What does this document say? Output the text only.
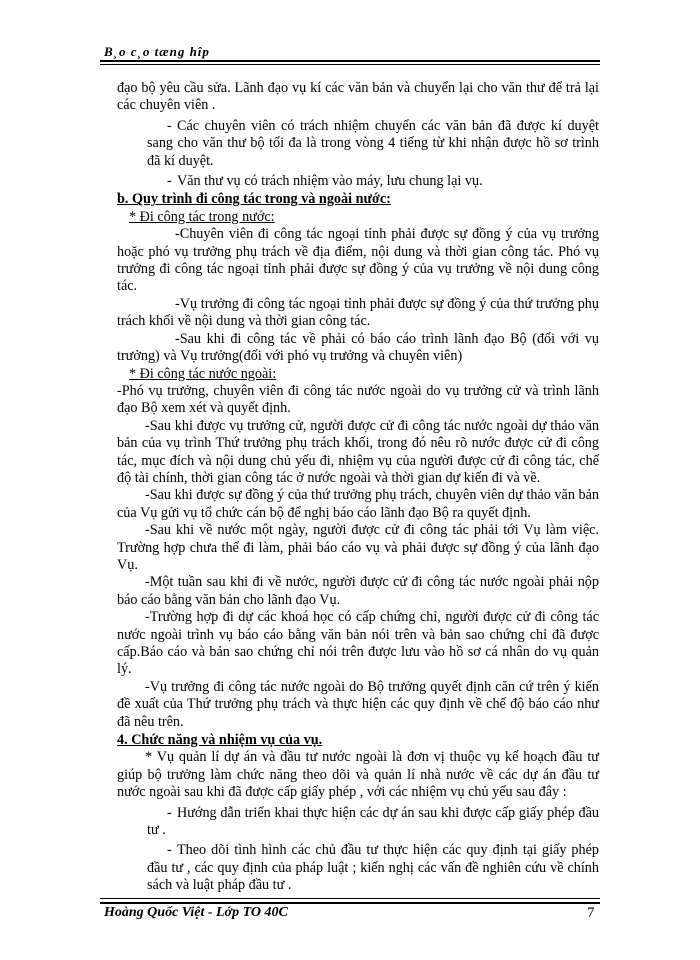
B¸o c¸o tæng hîp

đạo bộ yêu cầu sửa. Lãnh đạo vụ kí các văn bản và chuyển lại cho văn thư để trả lại các chuyên viên .

- Các chuyên viên có trách nhiệm chuyển các văn bản đã được kí duyệt sang cho văn thư bộ tối đa là trong vòng 4 tiếng từ khi nhận được hồ sơ trình đã kí duyệt.

- Văn thư vụ có trách nhiệm vào máy, lưu chung lại vụ.

b. Quy trình đi công tác trong và ngoài nước:

* Đi công tác trong nước:

-Chuyên viên đi công tác ngoại tỉnh phải được sự đồng ý của vụ trưởng hoặc phó vụ trưởng phụ trách về địa điểm, nội dung và thời gian công tác. Phó vụ trưởng đi công tác ngoại tỉnh phải được sự đồng ý của vụ trưởng về nội dung công tác.

-Vụ trưởng đi công tác ngoại tỉnh phải được sự đồng ý của thứ trưởng phụ trách khối về nội dung và thời gian công tác.

-Sau khi đi công tác về phải có báo cáo trình lãnh đạo Bộ (đối với vụ trưởng) và Vụ trưởng(đối với phó vụ trưởng và chuyên viên)

* Đi công tác nước ngoài:

-Phó vụ trưởng, chuyên viên đi công tác nước ngoài do vụ trưởng cử và trình lãnh đạo Bộ xem xét và quyết định.

-Sau khi được vụ trưởng cử, người được cử đi công tác nước ngoài dự thảo văn bản của vụ trình Thứ trưởng phụ trách khối, trong đó nêu rõ nước được cử đi công tác, mục đích và nội dung chủ yếu đi, nhiệm vụ của người được cử đi công tác, chế độ tài chính, thời gian công tác ở nước ngoài và thời gian dự kiến đi và về.

-Sau khi được sự đồng ý của thứ trưởng phụ trách, chuyên viên dự thảo văn bản của Vụ gửi vụ tổ chức cán bộ để nghị báo cáo lãnh đạo Bộ ra quyết định.

-Sau khi về nước một ngày, người được cử đi công tác phải tới Vụ làm việc. Trường hợp chưa thể đi làm, phải báo cáo vụ và phải được sự đồng ý của lãnh đạo Vụ.

-Một tuần sau khi đi về nước, người được cử đi công tác nước ngoài phải nộp báo cáo bằng văn bản cho lãnh đạo Vụ.

-Trường hợp đi dự các khoá học có cấp chứng chỉ, người được cử đi công tác nước ngoài trình vụ báo cáo bằng văn bản nói trên và bản sao chứng chỉ đã được cấp.Báo cáo và bản sao chứng chỉ nói trên được lưu vào hồ sơ cá nhân do vụ quản lý.

-Vụ trưởng đi công tác nước ngoài do Bộ trưởng quyết định căn cứ trên ý kiến đề xuất của Thứ trưởng phụ trách và thực hiện các quy định về chế độ báo cáo như đã nêu trên.

4. Chức năng và nhiệm vụ của vụ.

* Vụ quản lí dự án và đầu tư nước ngoài là đơn vị thuộc vụ kế hoạch đầu tư giúp bộ trưởng làm chức năng theo dõi và quản lí nhà nước về các dự án đầu tư nước ngoài sau khi đã được cấp giấy phép , với các nhiệm vụ chủ yếu sau đây :

- Hướng dẫn triển khai thực hiện các dự án sau khi được cấp giấy phép đầu tư .

- Theo dõi tình hình các chủ đầu tư thực hiện các quy định tại giấy phép đầu tư , các quy định của pháp luật ; kiến nghị các vấn đề nghiên cứu về chính sách và luật pháp đầu tư .

Hoàng Quốc Việt - Lớp TO 40C	7
